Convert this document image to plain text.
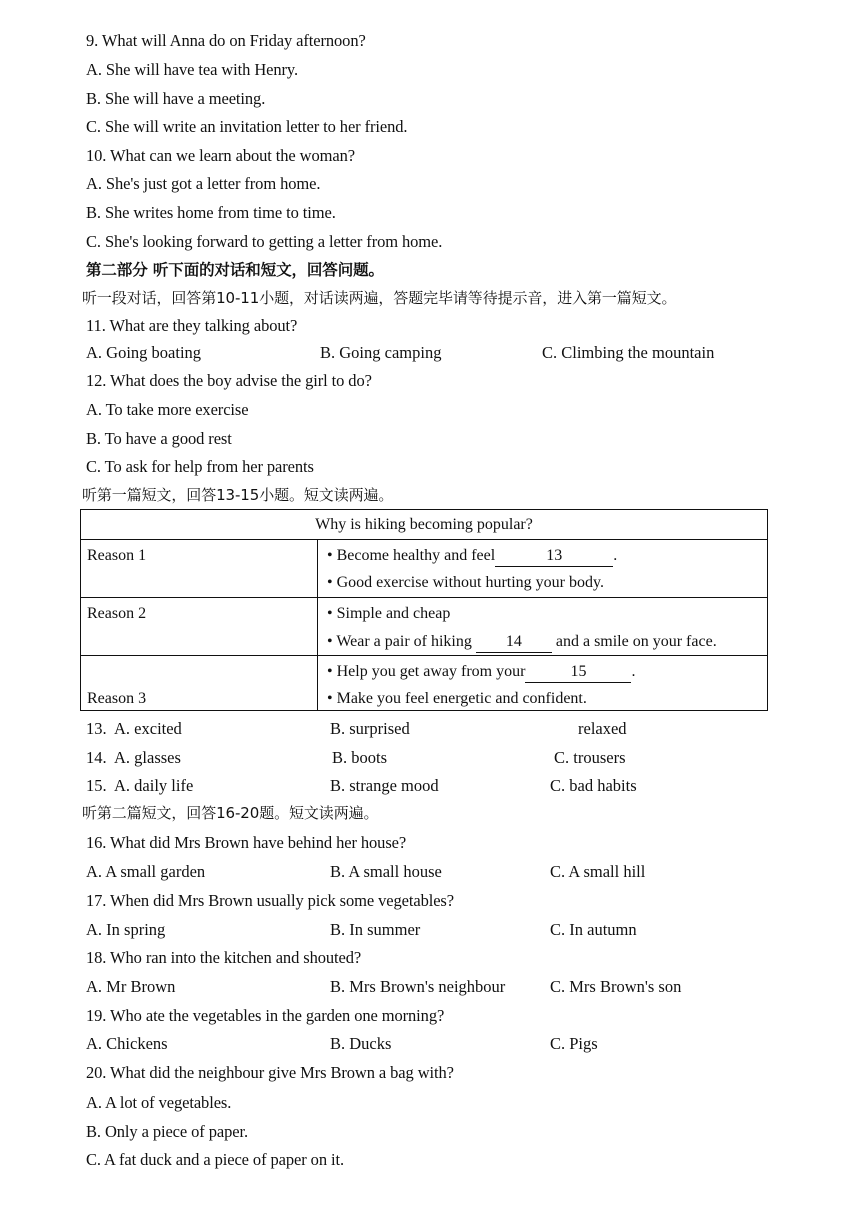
9. What will Anna do on Friday afternoon?
A. She will have tea with Henry.
B. She will have a meeting.
C. She will write an invitation letter to her friend.
10. What can we learn about the woman?
A. She's just got a letter from home.
B. She writes home from time to time.
C. She's looking forward to getting a letter from home.
第二部分 听下面的对话和短文，回答问题。
听一段对话，回答第10-11小题，对话读两遍，答题完毕请等待提示音，进入第一篇短文。
11. What are they talking about?
A. Going boating	B. Going camping	C. Climbing the mountain
12. What does the boy advise the girl to do?
A. To take more exercise
B. To have a good rest
C. To ask for help from her parents
听第一篇短文，回答13-15小题。短文读两遍。
Why is hiking becoming popular?
Reason 1	• Become healthy and feel	13	.
• Good exercise without hurting your body.
Reason 2	• Simple and cheap
• Wear a pair of hiking 14 and a smile on your face.
Reason 3
• Help you get away from your	15	.
• Make you feel energetic and confident.
13. A. excited	B. surprised	relaxed
14. A. glasses	B. boots	C. trousers
15. A. daily life	B. strange mood	C. bad habits
听第二篇短文，回答16-20题。短文读两遍。
16. What did Mrs Brown have behind her house?
A. A small garden	B. A small house	C. A small hill
17. When did Mrs Brown usually pick some vegetables?
A. In spring	B. In summer	C. In autumn
18. Who ran into the kitchen and shouted?
A. Mr Brown	B. Mrs Brown's neighbour	C. Mrs Brown's son
19. Who ate the vegetables in the garden one morning?
A. Chickens	B. Ducks	C. Pigs
20. What did the neighbour give Mrs Brown a bag with?
A. A lot of vegetables.
B. Only a piece of paper.
C. A fat duck and a piece of paper on it.
